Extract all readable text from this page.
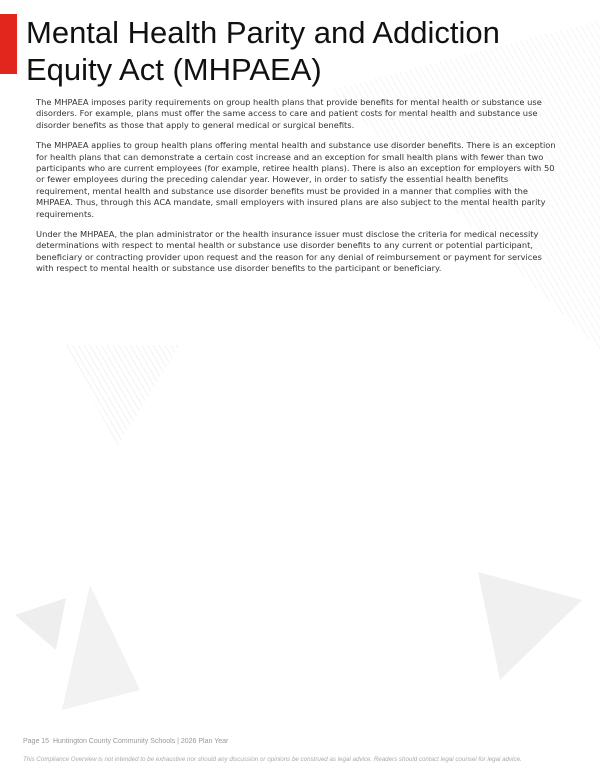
Mental Health Parity and Addiction Equity Act (MHPAEA)

The MHPAEA imposes parity requirements on group health plans that provide benefits for mental health or substance use disorders. For example, plans must offer the same access to care and patient costs for mental health and substance use disorder benefits as those that apply to general medical or surgical benefits.

The MHPAEA applies to group health plans offering mental health and substance use disorder benefits. There is an exception for health plans that can demonstrate a certain cost increase and an exception for small health plans with fewer than two participants who are current employees (for example, retiree health plans). There is also an exception for employers with 50 or fewer employees during the preceding calendar year. However, in order to satisfy the essential health benefits requirement, mental health and substance use disorder benefits must be provided in a manner that complies with the MHPAEA. Thus, through this ACA mandate, small employers with insured plans are also subject to the mental health parity requirements.

Under the MHPAEA, the plan administrator or the health insurance issuer must disclose the criteria for medical necessity determinations with respect to mental health or substance use disorder benefits to any current or potential participant, beneficiary or contracting provider upon request and the reason for any denial of reimbursement or payment for services with respect to mental health or substance use disorder benefits to the participant or beneficiary.

Page 15 Huntington County Community Schools | 2026 Plan Year
This Compliance Overview is not intended to be exhaustive nor should any discussion or opinions be construed as legal advice. Readers should contact legal counsel for legal advice.
